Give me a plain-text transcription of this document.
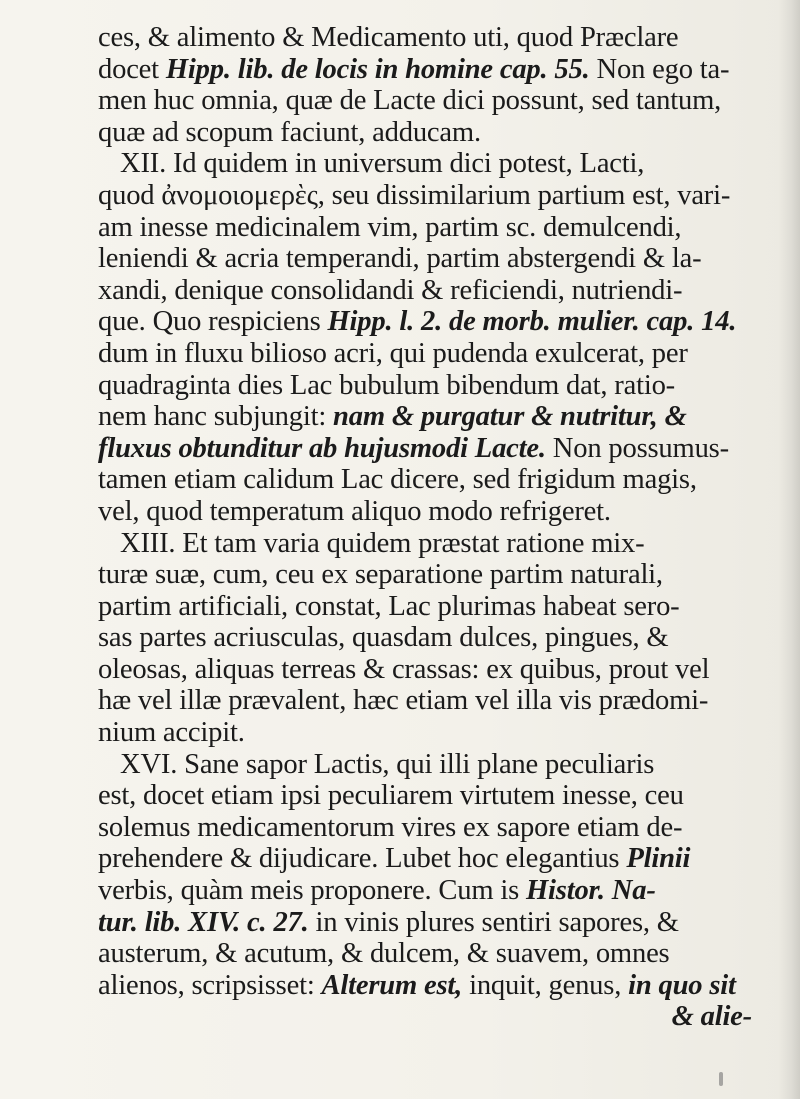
ces, & alimento & Medicamento uti, quod Præclare
docet Hipp. lib. de locis in homine cap. 55. Non ego ta-
men huc omnia, quæ de Lacte dici possunt, sed tantum,
quæ ad scopum faciunt, adducam.
XII. Id quidem in universum dici potest, Lacti,
quod ἀνομοιομερὲς, seu dissimilarium partium est, vari-
am inesse medicinalem vim, partim sc. demulcendi,
leniendi & acria temperandi, partim abstergendi & la-
xandi, denique consolidandi & reficiendi, nutriendi-
que. Quo respiciens Hipp. l. 2. de morb. mulier. cap. 14.
dum in fluxu biliosо acri, qui pudenda exulcerat, per
quadraginta dies Lac bubulum bibendum dat, ratio-
nem hanc subjungit: nam & purgatur & nutritur, &
fluxus obtunditur ab hujusmodi Lacte. Non possumus-
tamen etiam calidum Lac dicere, sed frigidum magis,
vel, quod temperatum aliquo modo refrigeret.
XIII. Et tam varia quidem præstat ratione mix-
turæ suæ, cum, ceu ex separatione partim naturali,
partim artificiali, constat, Lac plurimas habeat sero-
sas partes acriusculas, quasdam dulces, pingues, &
oleosas, aliquas terreas & crassas: ex quibus, prout vel
hæ vel illæ prævalent, hæc etiam vel illa vis prædomi-
nium accipit.
XVI. Sane sapor Lactis, qui illi plane peculiaris
est, docet etiam ipsi peculiarem virtutem inesse, ceu
solemus medicamentorum vires ex sapore etiam de-
prehendere & dijudicare. Lubet hoc elegantius Plinii
verbis, quàm meis proponere. Cum is Histor. Na-
tur. lib. XIV. c. 27. in vinis plures sentiri sapores, &
austerum, & acutum, & dulcem, & suavem, omnes
alienos, scripsisset: Alterum est, inquit, genus, in quo sit
& alie-
